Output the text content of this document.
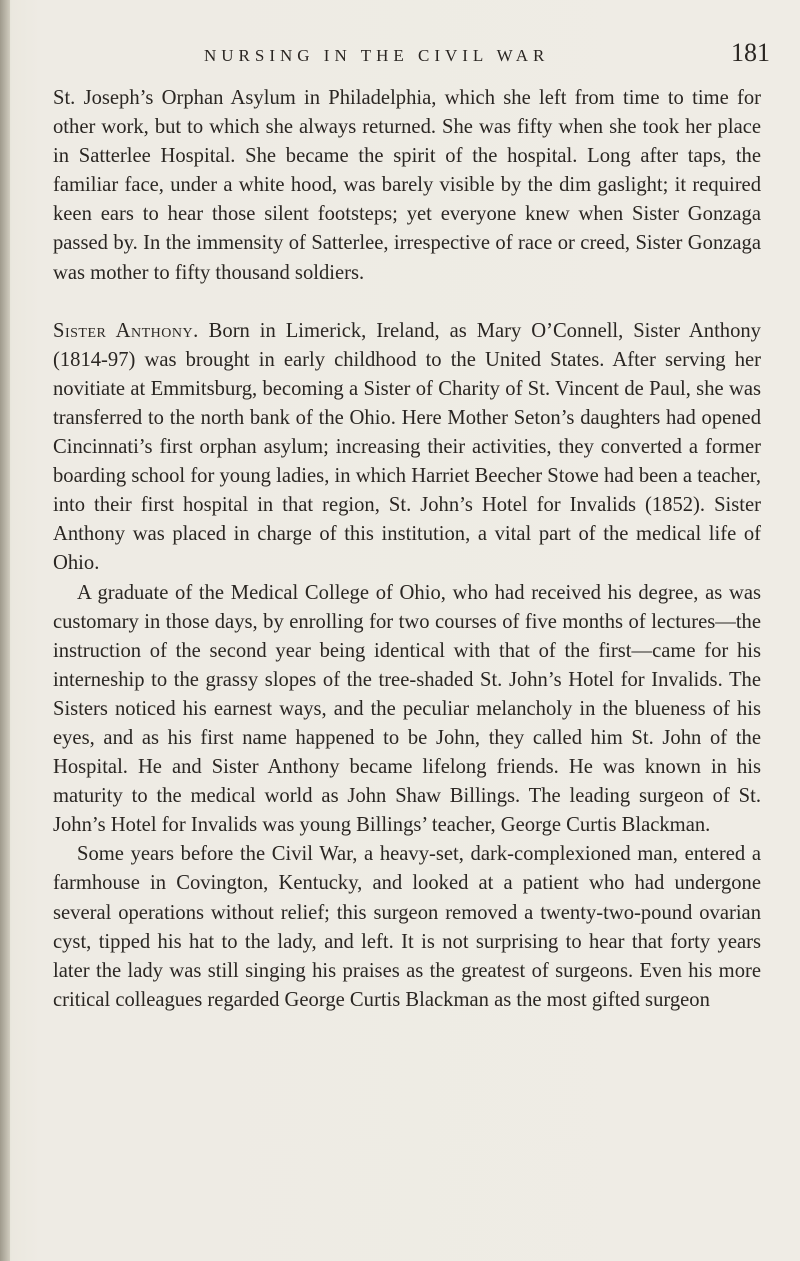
NURSING IN THE CIVIL WAR	181

St. Joseph’s Orphan Asylum in Philadelphia, which she left from time to time for other work, but to which she always returned. She was fifty when she took her place in Satterlee Hospital. She became the spirit of the hospital. Long after taps, the familiar face, under a white hood, was barely visible by the dim gaslight; it required keen ears to hear those silent footsteps; yet everyone knew when Sister Gonzaga passed by. In the immensity of Satterlee, irrespective of race or creed, Sister Gonzaga was mother to fifty thousand soldiers.

Sister Anthony. Born in Limerick, Ireland, as Mary O’Connell, Sister Anthony (1814-97) was brought in early childhood to the United States. After serving her novitiate at Emmitsburg, becoming a Sister of Charity of St. Vincent de Paul, she was transferred to the north bank of the Ohio. Here Mother Seton’s daughters had opened Cincinnati’s first orphan asylum; increasing their activities, they converted a former boarding school for young ladies, in which Harriet Beecher Stowe had been a teacher, into their first hospital in that region, St. John’s Hotel for Invalids (1852). Sister Anthony was placed in charge of this institution, a vital part of the medical life of Ohio.

A graduate of the Medical College of Ohio, who had received his degree, as was customary in those days, by enrolling for two courses of five months of lectures—the instruction of the second year being identical with that of the first—came for his interneship to the grassy slopes of the tree-shaded St. John’s Hotel for Invalids. The Sisters noticed his earnest ways, and the peculiar melancholy in the blueness of his eyes, and as his first name happened to be John, they called him St. John of the Hospital. He and Sister Anthony became lifelong friends. He was known in his maturity to the medical world as John Shaw Billings. The leading surgeon of St. John’s Hotel for Invalids was young Billings’ teacher, George Curtis Blackman.

Some years before the Civil War, a heavy-set, dark-complexioned man, entered a farmhouse in Covington, Kentucky, and looked at a patient who had undergone several operations without relief; this surgeon removed a twenty-two-pound ovarian cyst, tipped his hat to the lady, and left. It is not surprising to hear that forty years later the lady was still singing his praises as the greatest of surgeons. Even his more critical colleagues regarded George Curtis Blackman as the most gifted surgeon
